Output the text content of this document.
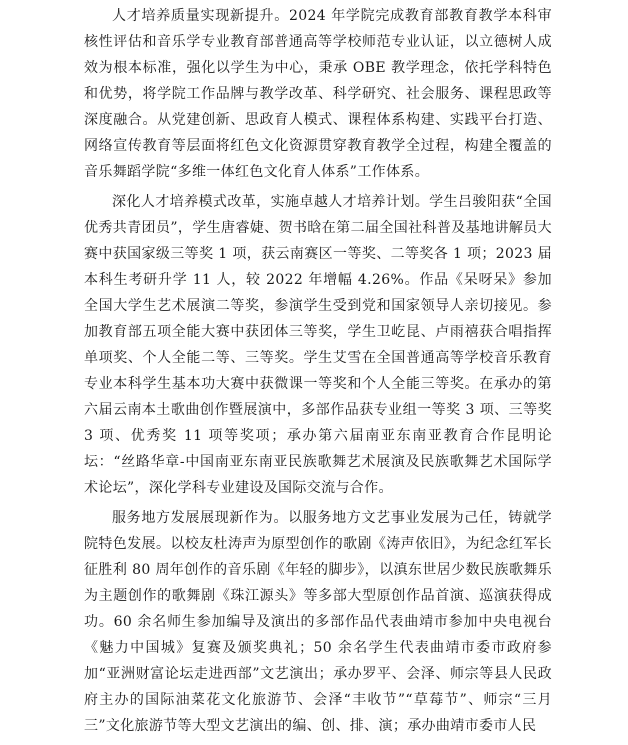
人才培养质量实现新提升。2024 年学院完成教育部教育教学本科审核性评估和音乐学专业教育部普通高等学校师范专业认证，以立德树人成效为根本标准，强化以学生为中心，秉承 OBE 教学理念，依托学科特色和优势，将学院工作品牌与教学改革、科学研究、社会服务、课程思政等深度融合。从党建创新、思政育人模式、课程体系构建、实践平台打造、网络宣传教育等层面将红色文化资源贯穿教育教学全过程，构建全覆盖的音乐舞蹈学院“多维一体红色文化育人体系”工作体系。

深化人才培养模式改革，实施卓越人才培养计划。学生吕骏阳获“全国优秀共青团员”，学生唐睿婕、贺书晗在第二届全国社科普及基地讲解员大赛中获国家级三等奖 1 项，获云南赛区一等奖、二等奖各 1 项；2023 届本科生考研升学 11 人，较 2022 年增幅 4.26%。作品《呆呀呆》参加全国大学生艺术展演二等奖，参演学生受到党和国家领导人亲切接见。参加教育部五项全能大赛中获团体三等奖，学生卫屹昆、卢雨禧获合唱指挥单项奖、个人全能二等、三等奖。学生艾雪在全国普通高等学校音乐教育专业本科学生基本功大赛中获微课一等奖和个人全能三等奖。在承办的第六届云南本土歌曲创作暨展演中，多部作品获专业组一等奖 3 项、三等奖 3 项、优秀奖 11 项等奖项；承办第六届南亚东南亚教育合作昆明论坛：“丝路华章-中国南亚东南亚民族歌舞艺术展演及民族歌舞艺术国际学术论坛”，深化学科专业建设及国际交流与合作。

服务地方发展展现新作为。以服务地方文艺事业发展为己任，铸就学院特色发展。以校友杜涛声为原型创作的歌剧《涛声依旧》，为纪念红军长征胜利 80 周年创作的音乐剧《年轻的脚步》，以滇东世居少数民族歌舞乐为主题创作的歌舞剧《珠江源头》等多部大型原创作品首演、巡演获得成功。60 余名师生参加编导及演出的多部作品代表曲靖市参加中央电视台《魅力中国城》复赛及颁奖典礼；50 余名学生代表曲靖市委市政府参加“亚洲财富论坛走进西部”文艺演出；承办罗平、会泽、师宗等县人民政府主办的国际油菜花文化旅游节、会泽“丰收节”“草莓节”、师宗“三月三”文化旅游节等大型文艺演出的编、创、排、演；承办曲靖市委市人民
